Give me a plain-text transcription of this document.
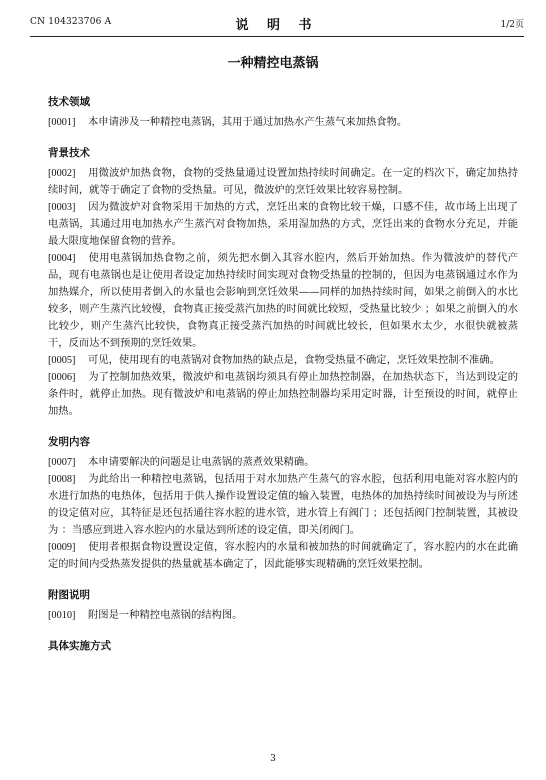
CN 104323706 A	说 明 书	1/2页
一种精控电蒸锅
技术领域

[0001] 本申请涉及一种精控电蒸锅，其用于通过加热水产生蒸气来加热食物。

背景技术

[0002] 用微波炉加热食物，食物的受热量通过设置加热持续时间确定。在一定的档次下，确定加热持续时间，就等于确定了食物的受热量。可见，微波炉的烹饪效果比较容易控制。

[0003] 因为微波炉对食物采用干加热的方式，烹饪出来的食物比较干燥，口感不佳，故市场上出现了电蒸锅，其通过用电加热水产生蒸汽对食物加热，采用湿加热的方式，烹饪出来的食物水分充足，并能最大限度地保留食物的营养。

[0004] 使用电蒸锅加热食物之前，须先把水倒入其容水腔内，然后开始加热。作为微波炉的替代产品，现有电蒸锅也是让使用者设定加热持续时间实现对食物受热量的控制的，但因为电蒸锅通过水作为加热媒介，所以使用者倒入的水量也会影响到烹饪效果——同样的加热持续时间，如果之前倒入的水比较多，则产生蒸汽比较慢，食物真正接受蒸汽加热的时间就比较短，受热量比较少 ；如果之前倒入的水比较少，则产生蒸汽比较快，食物真正接受蒸汽加热的时间就比较长，但如果水太少，水很快就被蒸干，反而达不到预期的烹饪效果。

[0005] 可见，使用现有的电蒸锅对食物加热的缺点是，食物受热量不确定，烹饪效果控制不准确。

[0006] 为了控制加热效果，微波炉和电蒸锅均须具有停止加热控制器，在加热状态下，当达到设定的条件时，就停止加热。现有微波炉和电蒸锅的停止加热控制器均采用定时器，计至预设的时间，就停止加热。

发明内容

[0007] 本申请要解决的问题是让电蒸锅的蒸煮效果精确。

[0008] 为此给出一种精控电蒸锅，包括用于对水加热产生蒸气的容水腔，包括利用电能对容水腔内的水进行加热的电热体，包括用于供人操作设置设定值的输入装置，电热体的加热持续时间被设为与所述的设定值对应，其特征是还包括通往容水腔的进水管，进水管上有阀门 ；还包括阀门控制装置，其被设为 ：当感应到进入容水腔内的水量达到所述的设定值，即关闭阀门。

[0009] 使用者根据食物设置设定值，容水腔内的水量和被加热的时间就确定了，容水腔内的水在此确定的时间内受热蒸发提供的热量就基本确定了，因此能够实现精确的烹饪效果控制。

附图说明

[0010] 附图是一种精控电蒸锅的结构图。

具体实施方式
3
